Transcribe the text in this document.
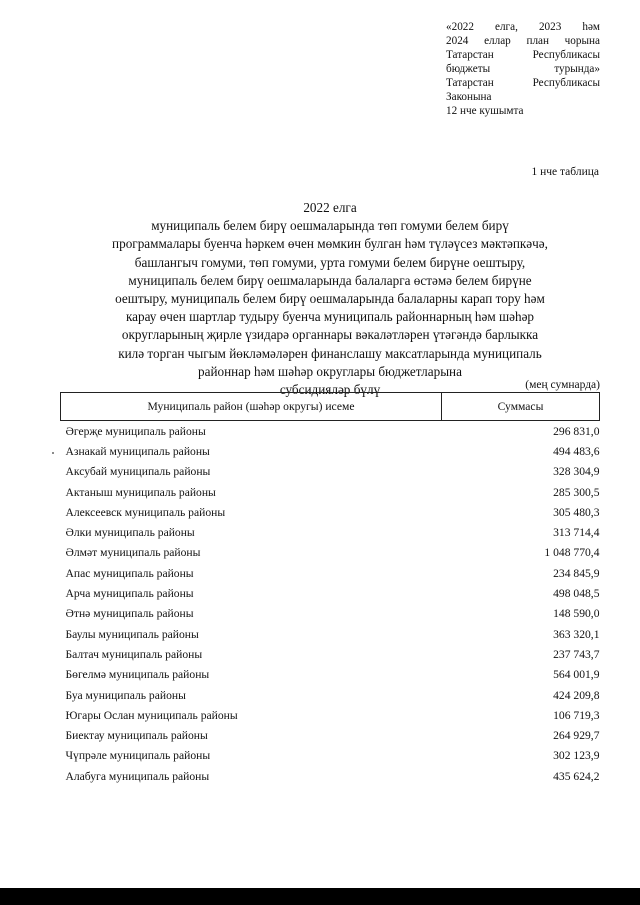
«2022 елга, 2023 һәм
2024 еллар план чорына
Татарстан	Республикасы
бюджеты	турында»
Татарстан	Республикасы
Законына
12 нче кушымта
1 нче таблица
2022 елга
муниципаль белем бирү оешмаларында төп гомуми белем бирү
программалары буенча һәркем өчен мөмкин булган һәм түләүсез мәктәпкәчә,
башлангыч гомуми, төп гомуми, урта гомуми белем бирүне оештыру,
муниципаль белем бирү оешмаларында балаларга өстәмә белем бирүне
оештыру, муниципаль белем бирү оешмаларында балаларны карап тору һәм
карау өчен шартлар тудыру буенча муниципаль районнарның һәм шәһәр
округларының җирле үзидарә органнары вәкаләтләрен үтәгәндә барлыкка
килә торган чыгым йөкләмәләрен финанслашу максатларында муниципаль
районнар һәм шәһәр округлары бюджетларына
субсидияләр бүлү	(мең сумнарда)
Муниципаль район (шәһәр округы) исеме	Суммасы
Әгерҗе муниципаль районы	296 831,0
Азнакай муниципаль районы	494 483,6
Аксубай муниципаль районы	328 304,9
Актаныш муниципаль районы	285 300,5
Алексеевск муниципаль районы	305 480,3
Әлки муниципаль районы	313 714,4
Әлмәт муниципаль районы	1 048 770,4
Апас муниципаль районы	234 845,9
Арча муниципаль районы	498 048,5
Әтнә муниципаль районы	148 590,0
Баулы муниципаль районы	363 320,1
Балтач муниципаль районы	237 743,7
Бөгелмә муниципаль районы	564 001,9
Буа муниципаль районы	424 209,8
Югары Ослан муниципаль районы	106 719,3
Биектау муниципаль районы	264 929,7
Чүпрәле муниципаль районы	302 123,9
Алабуга муниципаль районы	435 624,2
